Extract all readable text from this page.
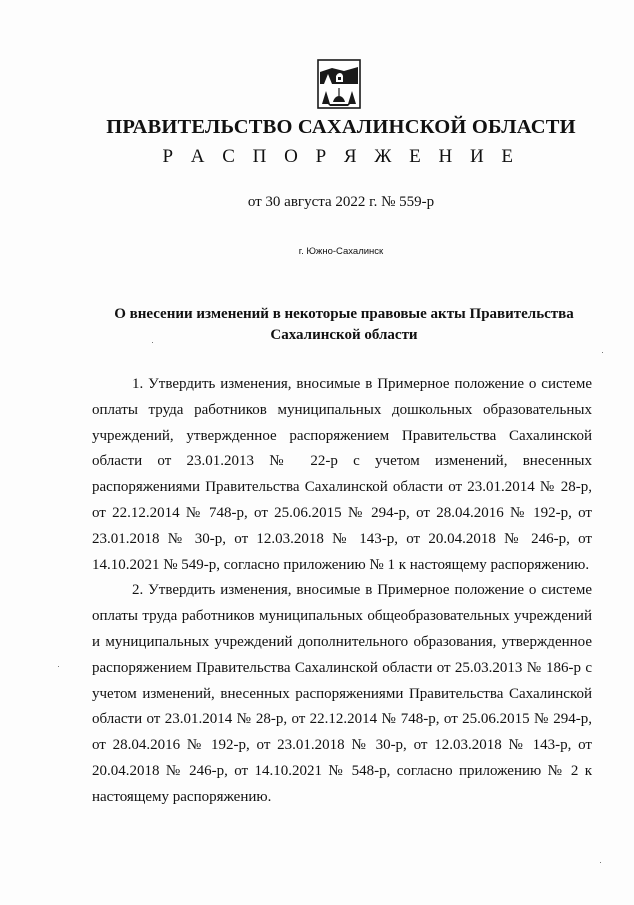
ПРАВИТЕЛЬСТВО САХАЛИНСКОЙ ОБЛАСТИ
Р А С П О Р Я Ж Е Н И Е
от 30 августа 2022 г. № 559-р
г. Южно-Сахалинск
О внесении изменений в некоторые правовые акты Правительства
Сахалинской области

1. Утвердить изменения, вносимые в Примерное положение о системе оплаты труда работников муниципальных дошкольных образовательных учреждений, утвержденное распоряжением Правительства Сахалинской области от 23.01.2013 № 22-р с учетом изменений, внесенных распоряжениями Правительства Сахалинской области от 23.01.2014 № 28-р, от 22.12.2014 № 748-р, от 25.06.2015 № 294-р, от 28.04.2016 № 192-р, от 23.01.2018 № 30-р, от 12.03.2018 № 143-р, от 20.04.2018 № 246-р, от 14.10.2021 № 549-р, согласно приложению № 1 к настоящему распоряжению.

2. Утвердить изменения, вносимые в Примерное положение о системе оплаты труда работников муниципальных общеобразовательных учреждений и муниципальных учреждений дополнительного образования, утвержденное распоряжением Правительства Сахалинской области от 25.03.2013 № 186-р с учетом изменений, внесенных распоряжениями Правительства Сахалинской области от 23.01.2014 № 28-р, от 22.12.2014 № 748-р, от 25.06.2015 № 294-р, от 28.04.2016 № 192-р, от 23.01.2018 № 30-р, от 12.03.2018 № 143-р, от 20.04.2018 № 246-р, от 14.10.2021 № 548-р, согласно приложению № 2 к настоящему распоряжению.
